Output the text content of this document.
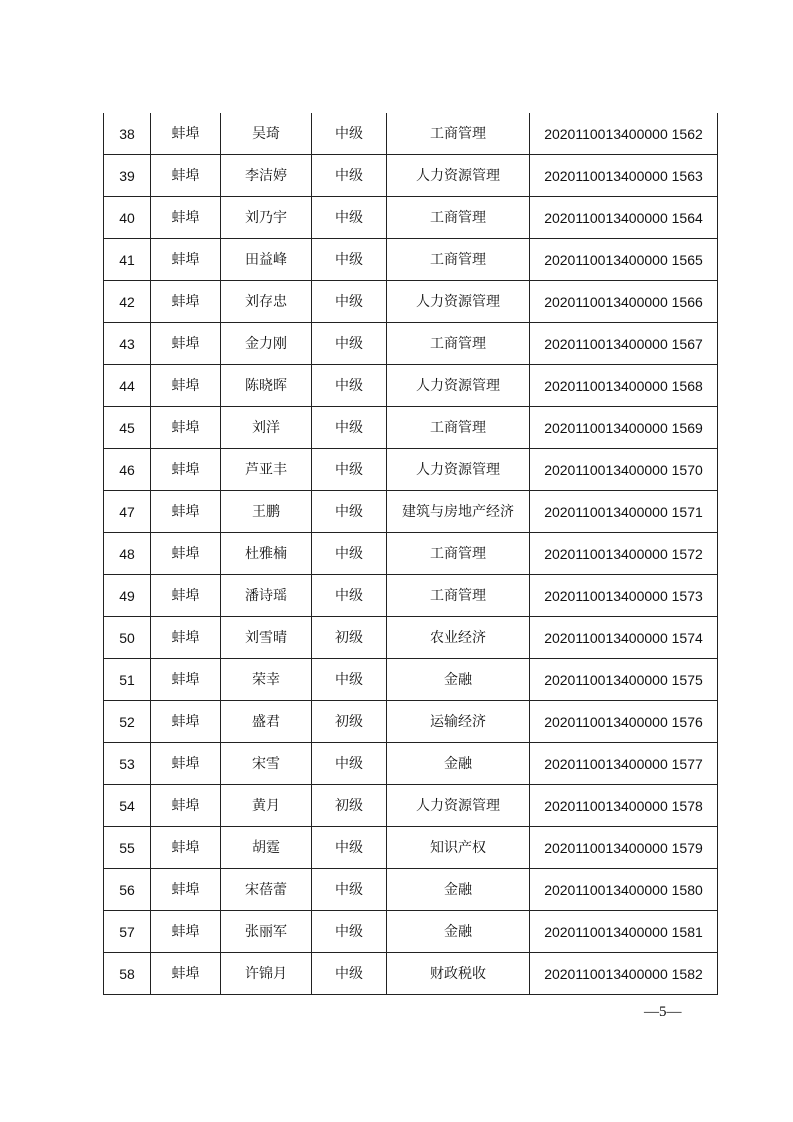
38	蚌埠	吴琦	中级	工商管理	2020110013400000 1562
39	蚌埠	李洁婷	中级	人力资源管理	2020110013400000 1563
40	蚌埠	刘乃宇	中级	工商管理	2020110013400000 1564
41	蚌埠	田益峰	中级	工商管理	2020110013400000 1565
42	蚌埠	刘存忠	中级	人力资源管理	2020110013400000 1566
43	蚌埠	金力刚	中级	工商管理	2020110013400000 1567
44	蚌埠	陈晓晖	中级	人力资源管理	2020110013400000 1568
45	蚌埠	刘洋	中级	工商管理	2020110013400000 1569
46	蚌埠	芦亚丰	中级	人力资源管理	2020110013400000 1570
47	蚌埠	王鹏	中级	建筑与房地产经济	2020110013400000 1571
48	蚌埠	杜雅楠	中级	工商管理	2020110013400000 1572
49	蚌埠	潘诗瑶	中级	工商管理	2020110013400000 1573
50	蚌埠	刘雪晴	初级	农业经济	2020110013400000 1574
51	蚌埠	荣幸	中级	金融	2020110013400000 1575
52	蚌埠	盛君	初级	运输经济	2020110013400000 1576
53	蚌埠	宋雪	中级	金融	2020110013400000 1577
54	蚌埠	黄月	初级	人力资源管理	2020110013400000 1578
55	蚌埠	胡霆	中级	知识产权	2020110013400000 1579
56	蚌埠	宋蓓蕾	中级	金融	2020110013400000 1580
57	蚌埠	张丽军	中级	金融	2020110013400000 1581
58	蚌埠	许锦月	中级	财政税收	2020110013400000 1582
—5—
